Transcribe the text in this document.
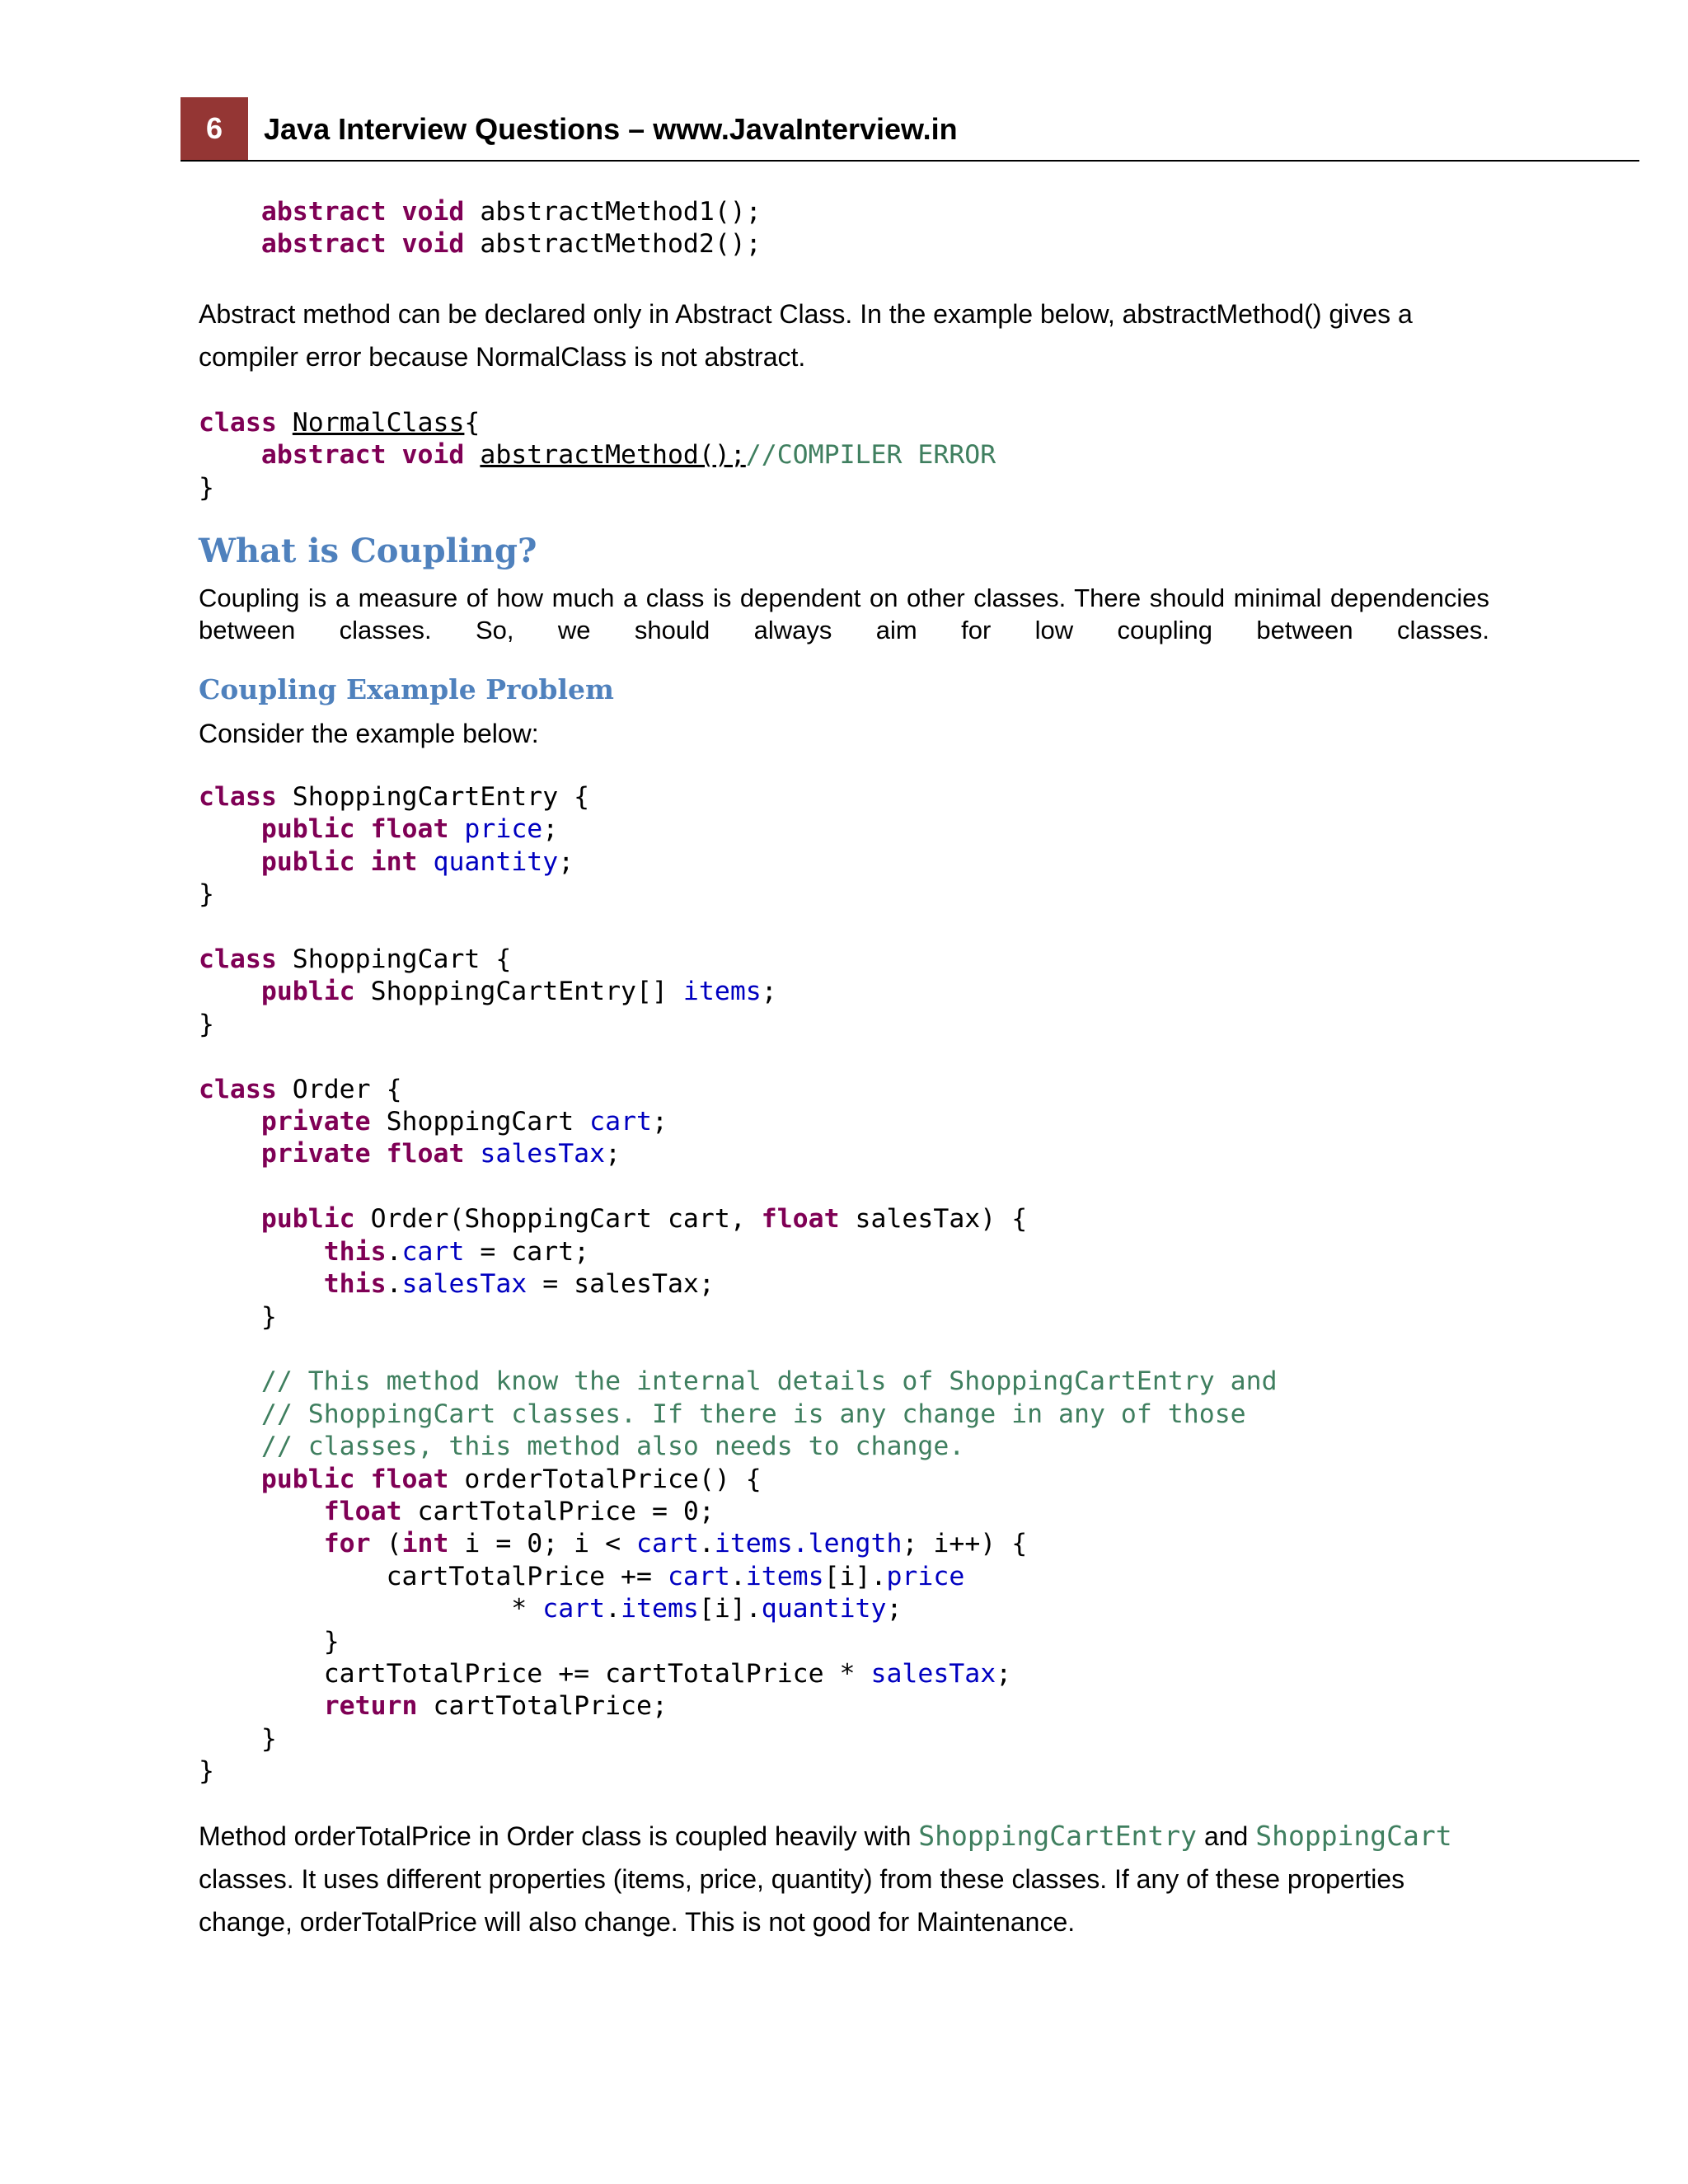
6	Java Interview Questions – www.JavaInterview.in
abstract void abstractMethod1();
abstract void abstractMethod2();

Abstract method can be declared only in Abstract Class. In the example below, abstractMethod() gives a compiler error because NormalClass is not abstract.

class NormalClass{
abstract void abstractMethod();//COMPILER ERROR
}
What is Coupling?

Coupling is a measure of how much a class is dependent on other classes. There should minimal dependencies between classes. So, we should always aim for low coupling between classes.

Coupling Example Problem

Consider the example below:

class ShoppingCartEntry {
public float price;
public int quantity;
}

class ShoppingCart {
public ShoppingCartEntry[] items;
}

class Order {
private ShoppingCart cart;
private float salesTax;

public Order(ShoppingCart cart, float salesTax) {
this.cart = cart;
this.salesTax = salesTax;
}

// This method know the internal details of ShoppingCartEntry and
// ShoppingCart classes. If there is any change in any of those
// classes, this method also needs to change.
public float orderTotalPrice() {
float cartTotalPrice = 0;
for (int i = 0; i < cart.items.length; i++) {
cartTotalPrice += cart.items[i].price
* cart.items[i].quantity;
}
cartTotalPrice += cartTotalPrice * salesTax;
return cartTotalPrice;
}
}

Method orderTotalPrice in Order class is coupled heavily with ShoppingCartEntry and ShoppingCart classes. It uses different properties (items, price, quantity) from these classes. If any of these properties change, orderTotalPrice will also change. This is not good for Maintenance.
